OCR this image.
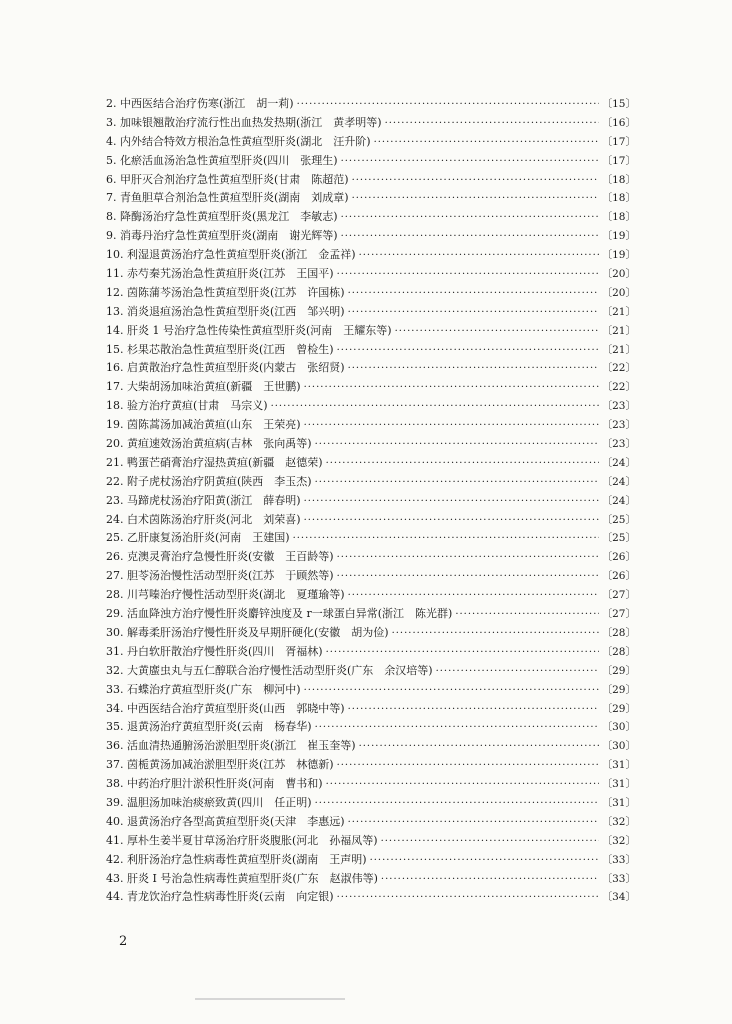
2. 中西医结合治疗伤寒(浙江　胡一莉) ·····	〔15〕
3. 加味银翘散治疗流行性出血热发热期(浙江　黄孝明等) ·····	〔16〕
4. 内外结合特效方根治急性黄疸型肝炎(湖北　汪升阶) ·····	〔17〕
5. 化瘀活血汤治急性黄疸型肝炎(四川　张理生) ·····	〔17〕
6. 甲肝灭合剂治疗急性黄疸型肝炎(甘肃　陈超范) ·····	〔18〕
7. 青鱼胆草合剂治急性黄疸型肝炎(湖南　刘成章) ·····	〔18〕
8. 降酶汤治疗急性黄疸型肝炎(黑龙江　李敏志) ·····	〔18〕
9. 消毒丹治疗急性黄疸型肝炎(湖南　谢光辉等) ·····	〔19〕
10. 利湿退黄汤治疗急性黄疸型肝炎(浙江　金孟祥) ·····	〔19〕
11. 赤芍秦艽汤治急性黄疸肝炎(江苏　王国平) ·····	〔20〕
12. 茵陈蒲芩汤治急性黄疸型肝炎(江苏　许国栋) ·····	〔20〕
13. 消炎退疸汤治急性黄疸型肝炎(江西　邹兴明) ·····	〔21〕
14. 肝炎 1 号治疗急性传染性黄疸型肝炎(河南　王耀东等) ·····	〔21〕
15. 杉果芯散治急性黄疸型肝炎(江西　曾检生) ·····	〔21〕
16. 启黄散治疗急性黄疸型肝炎(内蒙古　张绍贤) ·····	〔22〕
17. 大柴胡汤加味治黄疸(新疆　王世鹏) ·····	〔22〕
18. 验方治疗黄疸(甘肃　马宗义) ·····	〔23〕
19. 茵陈蒿汤加减治黄疸(山东　王荣亮) ·····	〔23〕
20. 黄疸速效汤治黄疸病(吉林　张向禹等) ·····	〔23〕
21. 鸭蛋芒硝膏治疗湿热黄疸(新疆　赵德荣) ·····	〔24〕
22. 附子虎杖汤治疗阴黄疸(陕西　李玉杰) ·····	〔24〕
23. 马蹄虎杖汤治疗阳黄(浙江　薛春明) ·····	〔24〕
24. 白术茵陈汤治疗肝炎(河北　刘荣喜) ·····	〔25〕
25. 乙肝康复汤治肝炎(河南　王建国) ·····	〔25〕
26. 克澳灵膏治疗急慢性肝炎(安徽　王百龄等) ·····	〔26〕
27. 胆苓汤治慢性活动型肝炎(江苏　于顾然等) ·····	〔26〕
28. 川芎嗪治疗慢性活动型肝炎(湖北　夏瑾瑜等) ·····	〔27〕
29. 活血降浊方治疗慢性肝炎麝锌浊度及 r一球蛋白异常(浙江　陈光群) ·····	〔27〕
30. 解毒柔肝汤治疗慢性肝炎及早期肝硬化(安徽　胡为俭) ·····	〔28〕
31. 丹白软肝散治疗慢性肝炎(四川　胥福林) ·····	〔28〕
32. 大黄䗪虫丸与五仁醇联合治疗慢性活动型肝炎(广东　余汉培等) ·····	〔29〕
33. 石蝶治疗黄疸型肝炎(广东　柳河中) ·····	〔29〕
34. 中西医结合治疗黄疸型肝炎(山西　郭晓中等) ·····	〔29〕
35. 退黄汤治疗黄疸型肝炎(云南　杨春华) ·····	〔30〕
36. 活血清热通腑汤治淤胆型肝炎(浙江　崔玉奎等) ·····	〔30〕
37. 茵栀黄汤加减治淤胆型肝炎(江苏　林德新) ·····	〔31〕
38. 中药治疗胆汁淤积性肝炎(河南　曹书和) ·····	〔31〕
39. 温胆汤加味治痰瘀致黄(四川　任正明) ·····	〔31〕
40. 退黄汤治疗各型高黄疸型肝炎(天津　李惠远) ·····	〔32〕
41. 厚朴生姜半夏甘草汤治疗肝炎腹胀(河北　孙福凤等) ·····	〔32〕
42. 利肝汤治疗急性病毒性黄疸型肝炎(湖南　王声明) ·····	〔33〕
43. 肝炎 I 号治急性病毒性黄疸型肝炎(广东　赵淑伟等) ·····	〔33〕
44. 青龙饮治疗急性病毒性肝炎(云南　向定银) ·····	〔34〕
2
